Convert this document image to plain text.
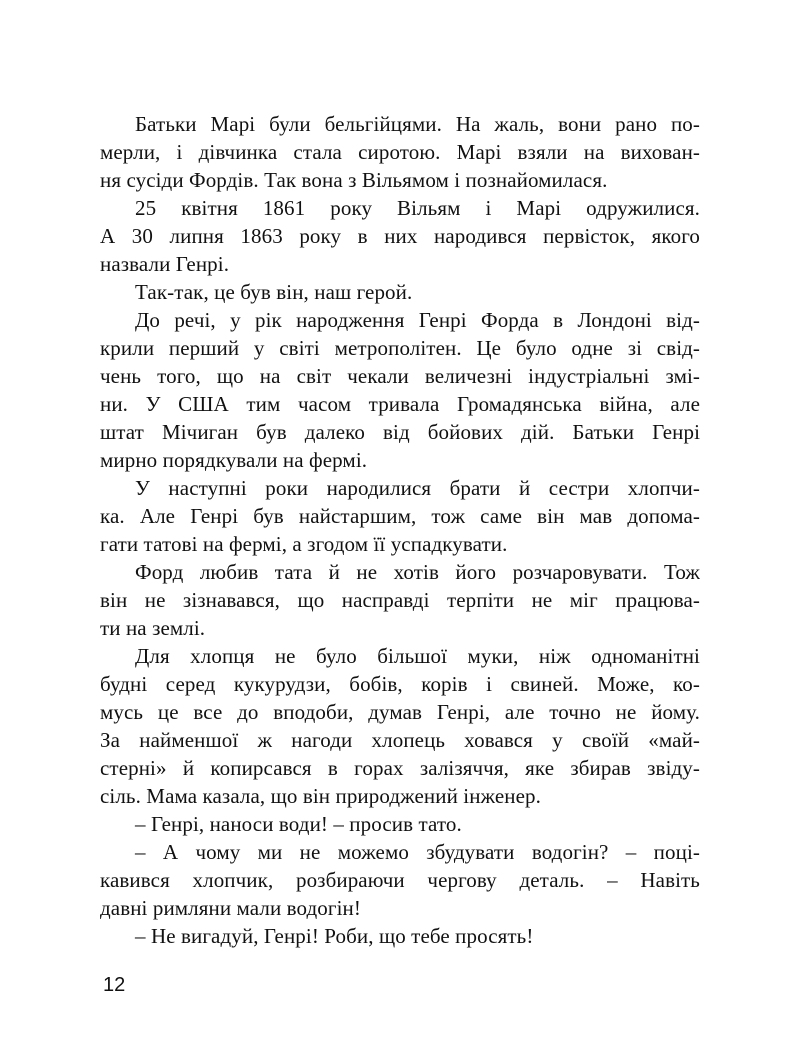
Батьки Марі були бельгійцями. На жаль, вони рано по-
мерли, і дівчинка стала сиротою. Марі взяли на вихован-
ня сусіди Фордів. Так вона з Вільямом і познайомилася.
25 квітня 1861 року Вільям і Марі одружилися.
А 30 липня 1863 року в них народився первісток, якого
назвали Генрі.
Так-так, це був він, наш герой.
До речі, у рік народження Генрі Форда в Лондоні від-
крили перший у світі метрополітен. Це було одне зі свід-
чень того, що на світ чекали величезні індустріальні змі-
ни. У США тим часом тривала Громадянська війна, але
штат Мічиган був далеко від бойових дій. Батьки Генрі
мирно порядкували на фермі.
У наступні роки народилися брати й сестри хлопчи-
ка. Але Генрі був найстаршим, тож саме він мав допома-
гати татові на фермі, а згодом її успадкувати.
Форд любив тата й не хотів його розчаровувати. Тож
він не зізнавався, що насправді терпіти не міг працюва-
ти на землі.
Для хлопця не було більшої муки, ніж одноманітні
будні серед кукурудзи, бобів, корів і свиней. Може, ко-
мусь це все до вподоби, думав Генрі, але точно не йому.
За найменшої ж нагоди хлопець ховався у своїй «май-
стерні» й копирсався в горах залізяччя, яке збирав звіду-
сіль. Мама казала, що він природжений інженер.
– Генрі, наноси води! – просив тато.
– А чому ми не можемо збудувати водогін? – поці-
кавився хлопчик, розбираючи чергову деталь. – Навіть
давні римляни мали водогін!
– Не вигадуй, Генрі! Роби, що тебе просять!
12
